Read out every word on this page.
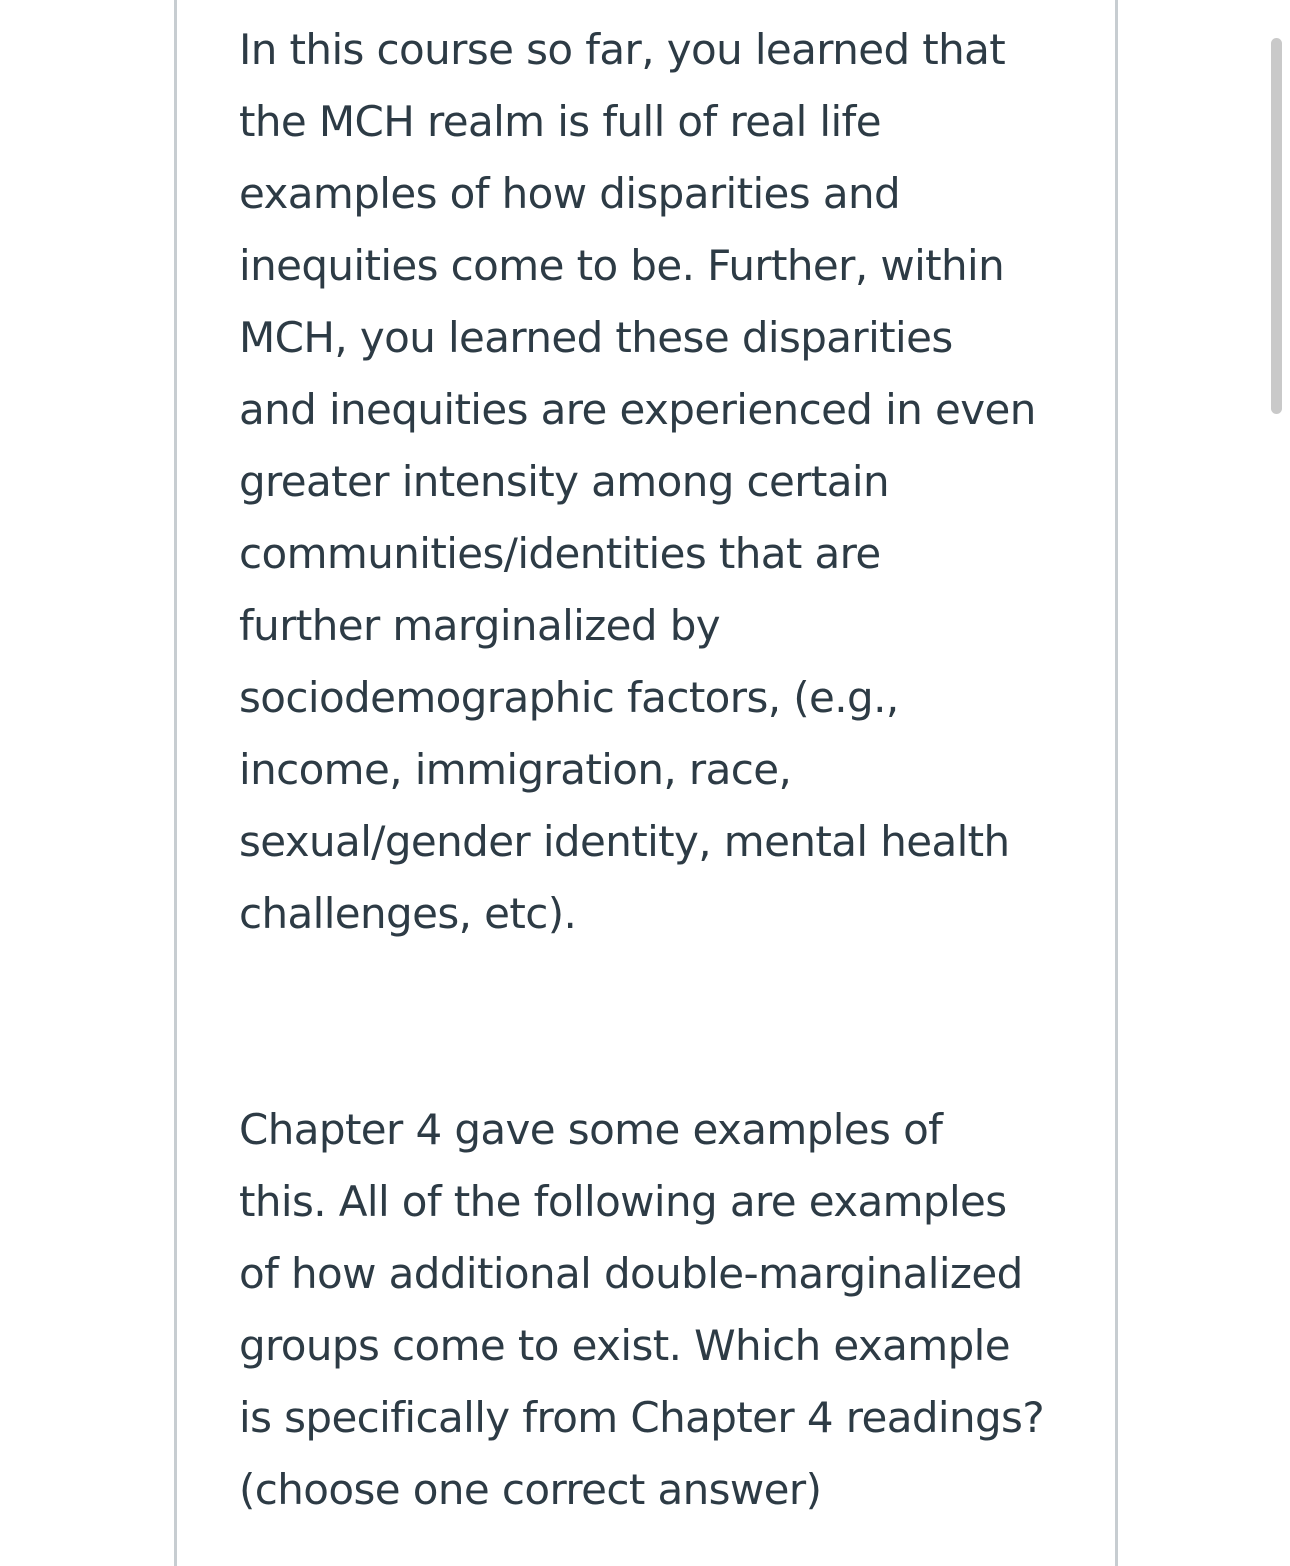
In this course so far, you learned that

the MCH realm is full of real life

examples of how disparities and

inequities come to be. Further, within

MCH, you learned these disparities

and inequities are experienced in even

greater intensity among certain

communities/identities that are

further marginalized by

sociodemographic factors, (e.g.,

income, immigration, race,

sexual/gender identity, mental health

challenges, etc).

Chapter 4 gave some examples of

this. All of the following are examples

of how additional double-marginalized

groups come to exist. Which example

is specifically from Chapter 4 readings?

(choose one correct answer)
